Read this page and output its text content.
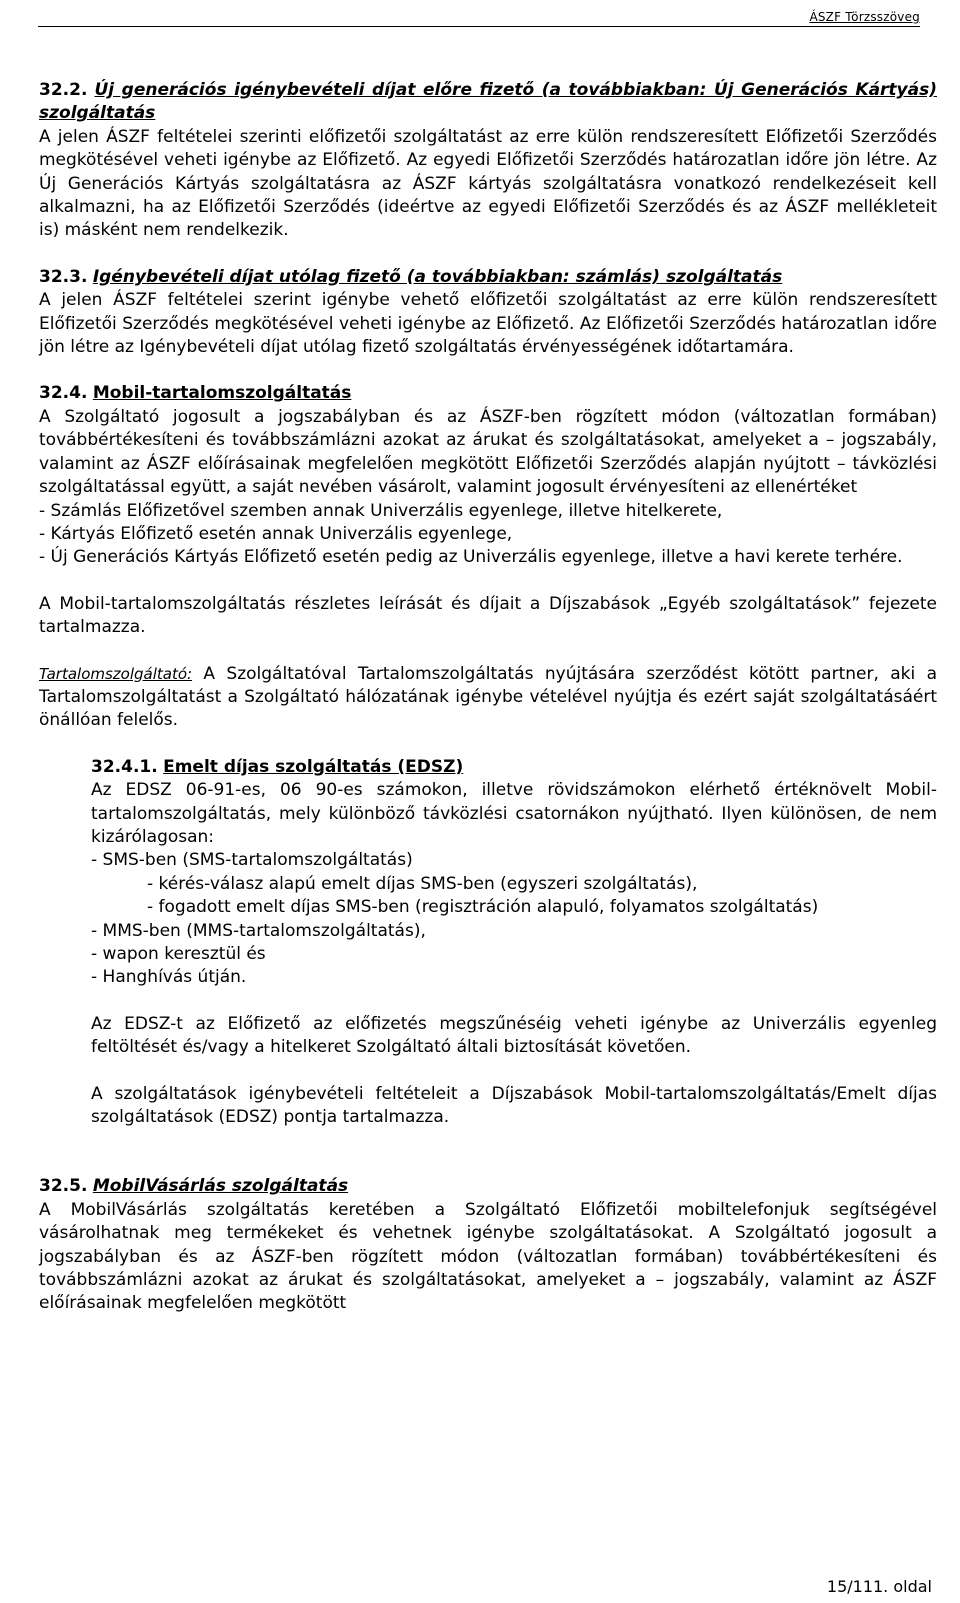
ÁSZF Törzsszöveg

32.2. Új generációs igénybevételi díjat előre fizető (a továbbiakban: Új Generációs Kártyás) szolgáltatás

A jelen ÁSZF feltételei szerinti előfizetői szolgáltatást az erre külön rendszeresített Előfizetői Szerződés megkötésével veheti igénybe az Előfizető. Az egyedi Előfizetői Szerződés határozatlan időre jön létre. Az Új Generációs Kártyás szolgáltatásra az ÁSZF kártyás szolgáltatásra vonatkozó rendelkezéseit kell alkalmazni, ha az Előfizetői Szerződés (ideértve az egyedi Előfizetői Szerződés és az ÁSZF mellékleteit is) másként nem rendelkezik.

32.3. Igénybevételi díjat utólag fizető (a továbbiakban: számlás) szolgáltatás

A jelen ÁSZF feltételei szerint igénybe vehető előfizetői szolgáltatást az erre külön rendszeresített Előfizetői Szerződés megkötésével veheti igénybe az Előfizető. Az Előfizetői Szerződés határozatlan időre jön létre az Igénybevételi díjat utólag fizető szolgáltatás érvényességének időtartamára.

32.4. Mobil-tartalomszolgáltatás

A Szolgáltató jogosult a jogszabályban és az ÁSZF-ben rögzített módon (változatlan formában) továbbértékesíteni és továbbszámlázni azokat az árukat és szolgáltatásokat, amelyeket a – jogszabály, valamint az ÁSZF előírásainak megfelelően megkötött Előfizetői Szerződés alapján nyújtott – távközlési szolgáltatással együtt, a saját nevében vásárolt, valamint jogosult érvényesíteni az ellenértéket

- Számlás Előfizetővel szemben annak Univerzális egyenlege, illetve hitelkerete,

- Kártyás Előfizető esetén annak Univerzális egyenlege,

- Új Generációs Kártyás Előfizető esetén pedig az Univerzális egyenlege, illetve a havi kerete terhére.

A Mobil-tartalomszolgáltatás részletes leírását és díjait a Díjszabások „Egyéb szolgáltatások” fejezete tartalmazza.

Tartalomszolgáltató: A Szolgáltatóval Tartalomszolgáltatás nyújtására szerződést kötött partner, aki a Tartalomszolgáltatást a Szolgáltató hálózatának igénybe vételével nyújtja és ezért saját szolgáltatásáért önállóan felelős.

32.4.1. Emelt díjas szolgáltatás (EDSZ)

Az EDSZ 06-91-es, 06 90-es számokon, illetve rövidszámokon elérhető értéknövelt Mobil-tartalomszolgáltatás, mely különböző távközlési csatornákon nyújtható. Ilyen különösen, de nem kizárólagosan:

- SMS-ben (SMS-tartalomszolgáltatás)

- kérés-válasz alapú emelt díjas SMS-ben (egyszeri szolgáltatás),

- fogadott emelt díjas SMS-ben (regisztráción alapuló, folyamatos szolgáltatás)

- MMS-ben (MMS-tartalomszolgáltatás),

- wapon keresztül és

- Hanghívás útján.

Az EDSZ-t az Előfizető az előfizetés megszűnéséig veheti igénybe az Univerzális egyenleg feltöltését és/vagy a hitelkeret Szolgáltató általi biztosítását követően.

A szolgáltatások igénybevételi feltételeit a Díjszabások Mobil-tartalomszolgáltatás/Emelt díjas szolgáltatások (EDSZ) pontja tartalmazza.

32.5. MobilVásárlás szolgáltatás

A MobilVásárlás szolgáltatás keretében a Szolgáltató Előfizetői mobiltelefonjuk segítségével vásárolhatnak meg termékeket és vehetnek igénybe szolgáltatásokat. A Szolgáltató jogosult a jogszabályban és az ÁSZF-ben rögzített módon (változatlan formában) továbbértékesíteni és továbbszámlázni azokat az árukat és szolgáltatásokat, amelyeket a – jogszabály, valamint az ÁSZF előírásainak megfelelően megkötött

15/111. oldal
